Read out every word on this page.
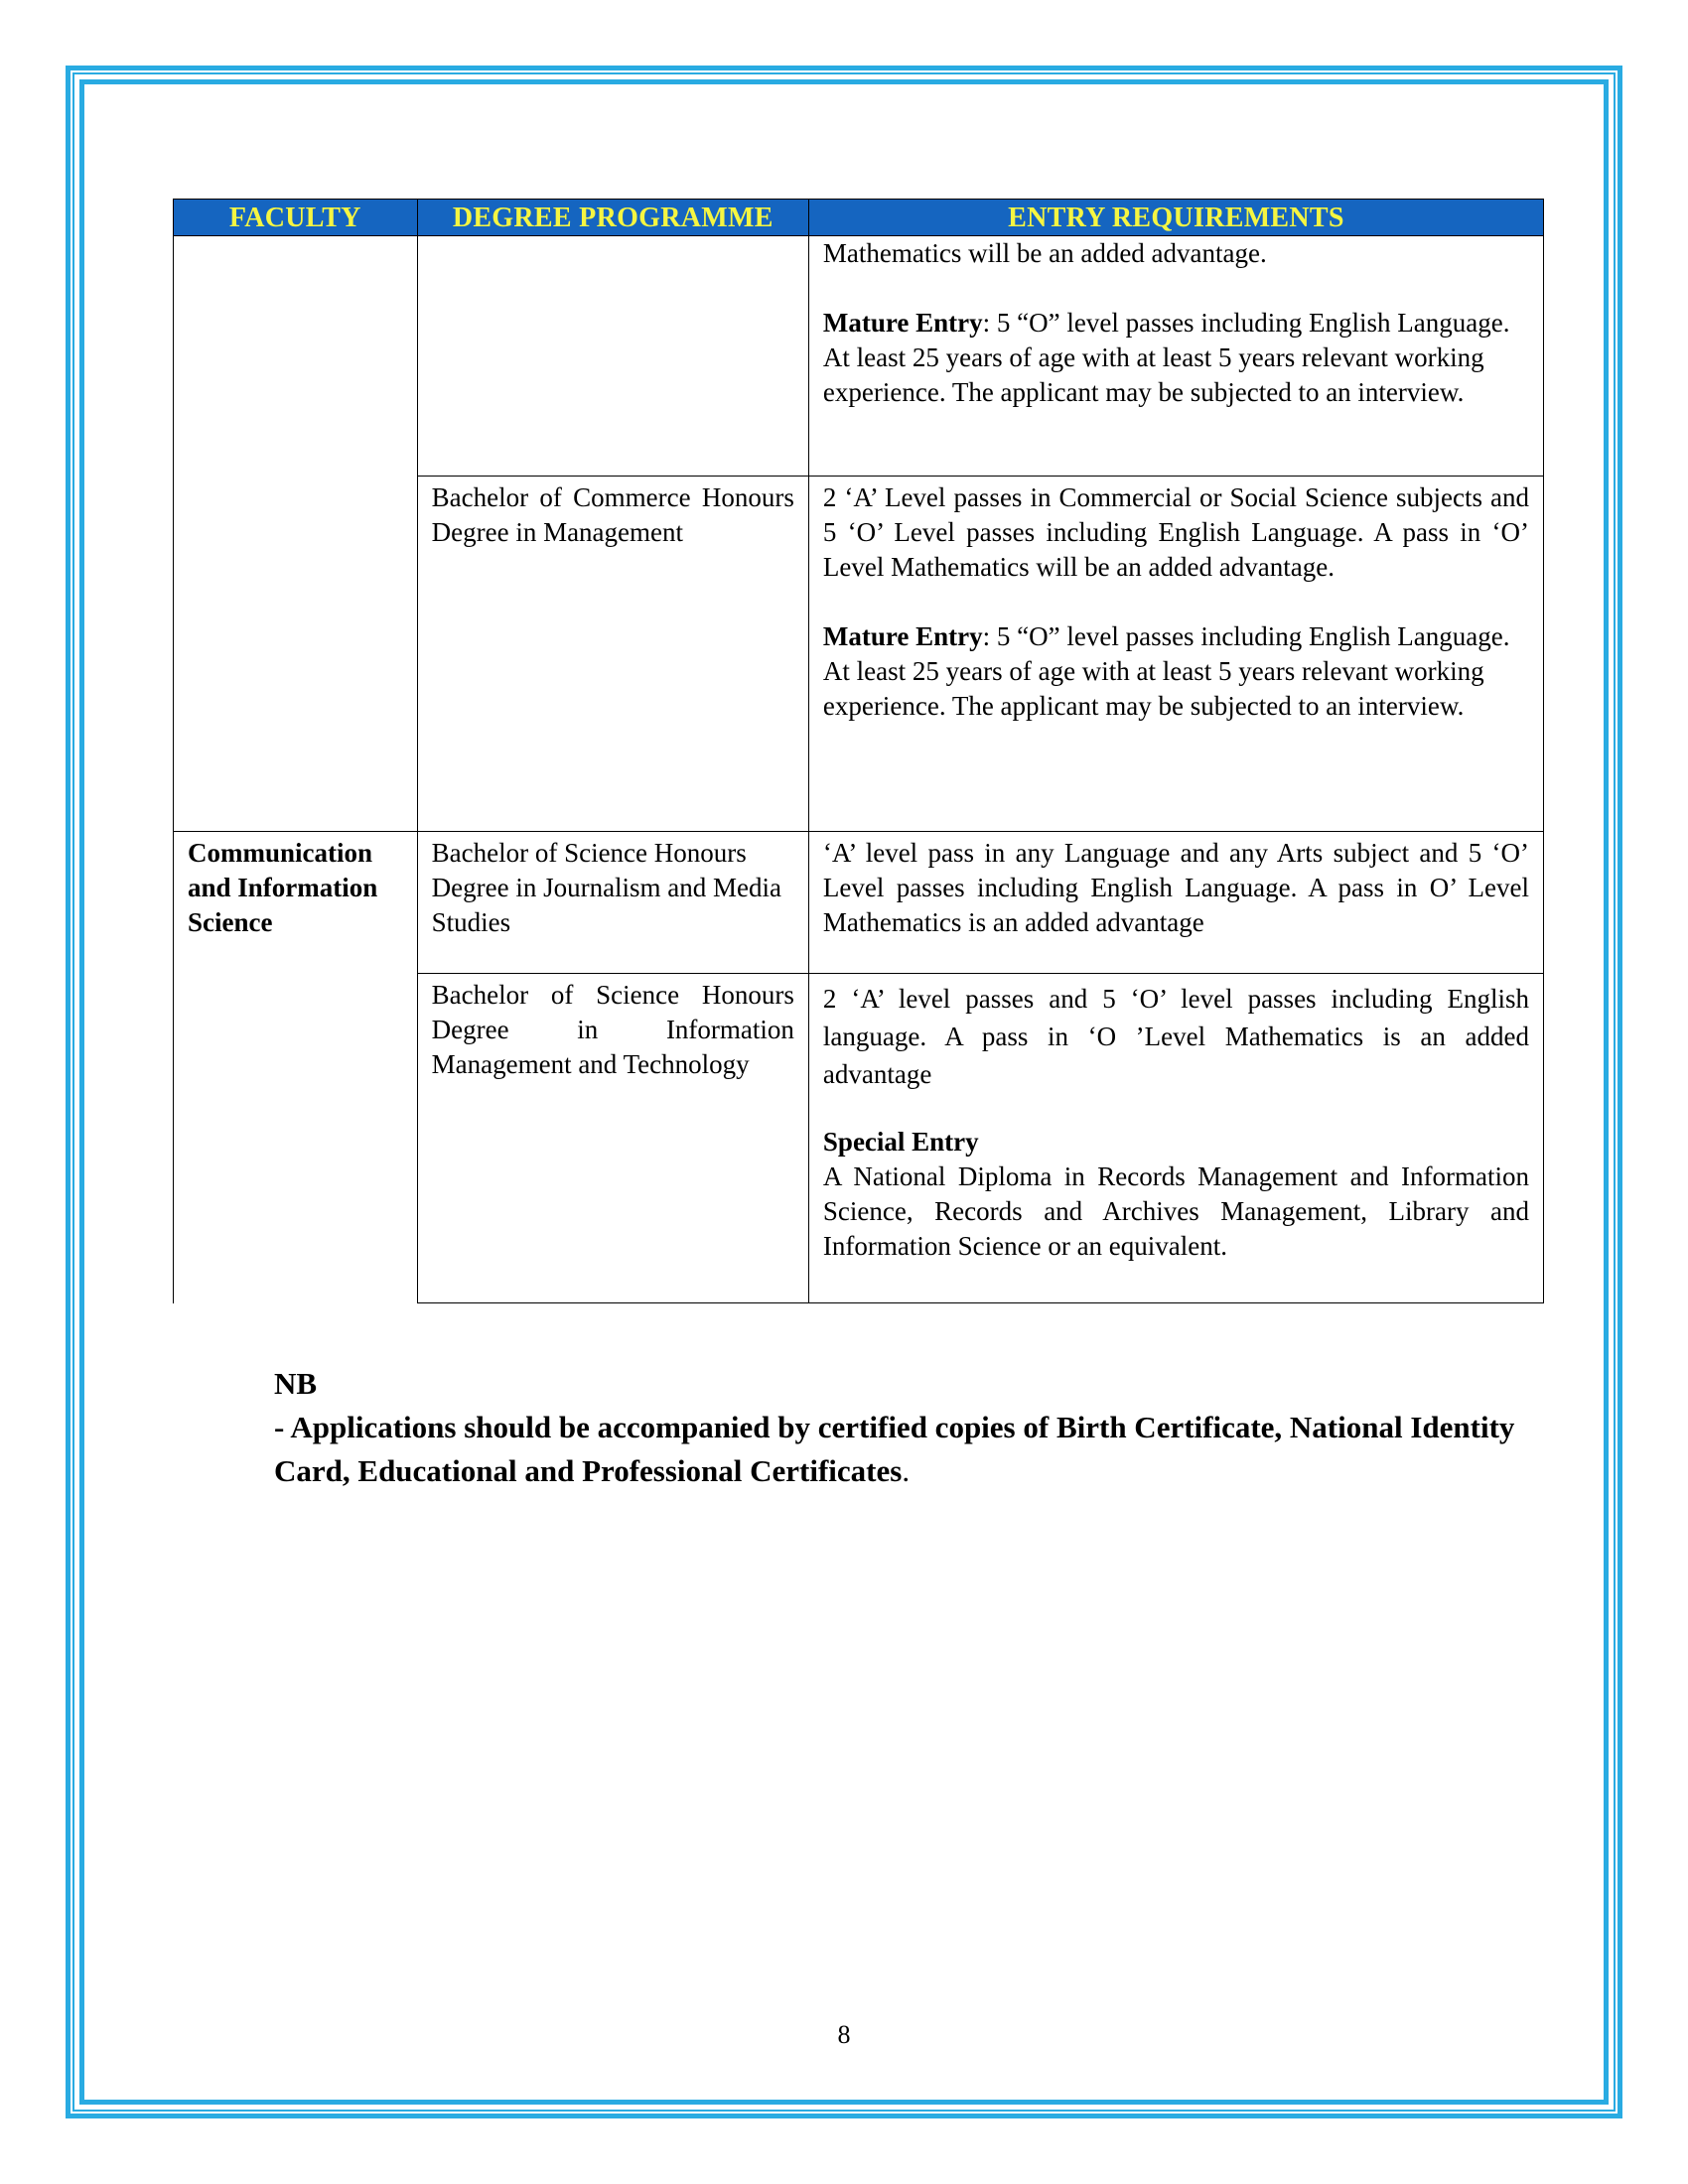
FACULTY	DEGREE PROGRAMME	ENTRY REQUIREMENTS

		Mathematics will be an added advantage.

Mature Entry: 5 “O” level passes including English Language. At least 25 years of age with at least 5 years relevant working experience. The applicant may be subjected to an interview.

	Bachelor of Commerce Honours Degree in Management	2 ‘A’ Level passes in Commercial or Social Science subjects and 5 ‘O’ Level passes including English Language. A pass in ‘O’ Level Mathematics will be an added advantage.

Mature Entry: 5 “O” level passes including English Language. At least 25 years of age with at least 5 years relevant working experience. The applicant may be subjected to an interview.

Communication and Information Science	Bachelor of Science Honours Degree in Journalism and Media Studies	‘A’ level pass in any Language and any Arts subject and 5 ‘O’ Level passes including English Language. A pass in O’ Level Mathematics is an added advantage

	Bachelor of Science Honours Degree in Information Management and Technology	2 ‘A’ level passes and 5 ‘O’ level passes including English language. A pass in ‘O ’Level Mathematics is an added advantage

Special Entry

A National Diploma in Records Management and Information Science, Records and Archives Management, Library and Information Science or an equivalent.

NB

- Applications should be accompanied by certified copies of Birth Certificate, National Identity Card, Educational and Professional Certificates.

8
